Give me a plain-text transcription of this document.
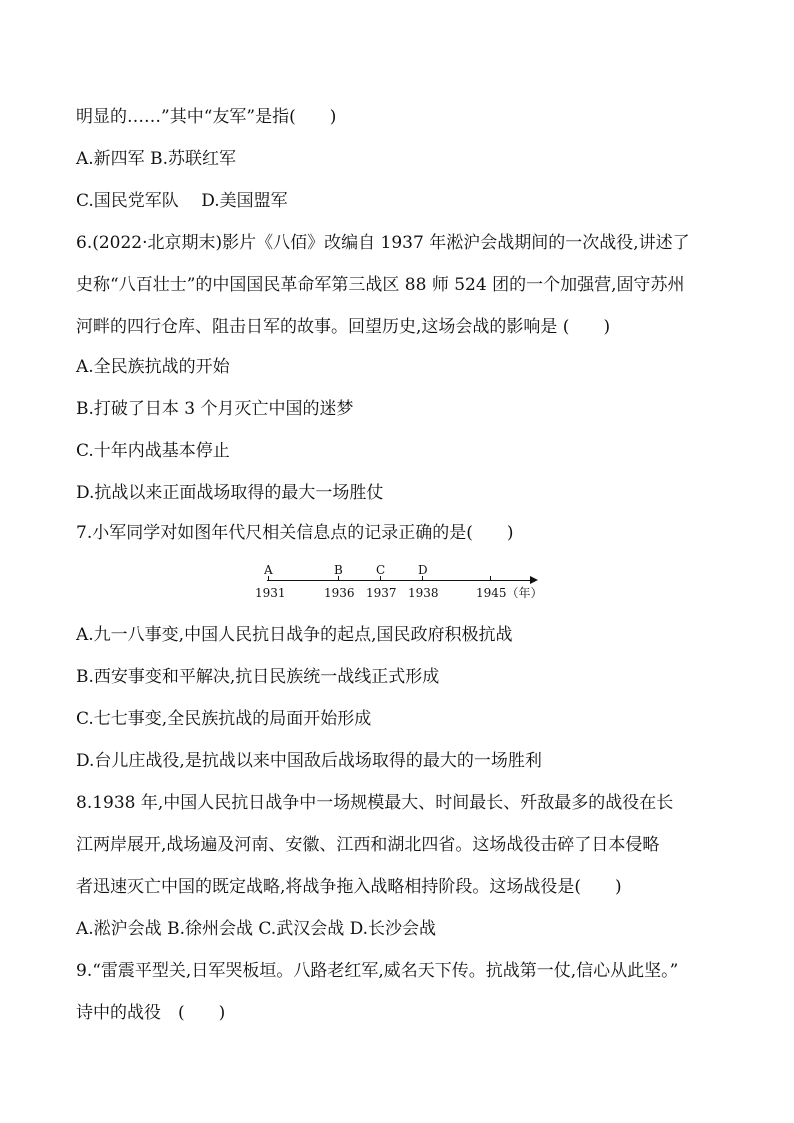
明显的……”其中“友军”是指(　　)
A.新四军 B.苏联红军
C.国民党军队　 D.美国盟军
6.(2022·北京期末)影片《八佰》改编自 1937 年淞沪会战期间的一次战役,讲述了
史称“八百壮士”的中国国民革命军第三战区 88 师 524 团的一个加强营,固守苏州
河畔的四行仓库、阻击日军的故事。回望历史,这场会战的影响是 (　　)
A.全民族抗战的开始
B.打破了日本 3 个月灭亡中国的迷梦
C.十年内战基本停止
D.抗战以来正面战场取得的最大一场胜仗
7.小军同学对如图年代尺相关信息点的记录正确的是(　　)
A	B	C	D
1931	1936 1937 1938	1945（年）
A.九一八事变,中国人民抗日战争的起点,国民政府积极抗战
B.西安事变和平解决,抗日民族统一战线正式形成
C.七七事变,全民族抗战的局面开始形成
D.台儿庄战役,是抗战以来中国敌后战场取得的最大的一场胜利
8.1938 年,中国人民抗日战争中一场规模最大、时间最长、歼敌最多的战役在长
江两岸展开,战场遍及河南、安徽、江西和湖北四省。这场战役击碎了日本侵略
者迅速灭亡中国的既定战略,将战争拖入战略相持阶段。这场战役是(　　)
A.淞沪会战 B.徐州会战 C.武汉会战 D.长沙会战
9.“雷震平型关,日军哭板垣。八路老红军,威名天下传。抗战第一仗,信心从此坚。”
诗中的战役　(　　)
